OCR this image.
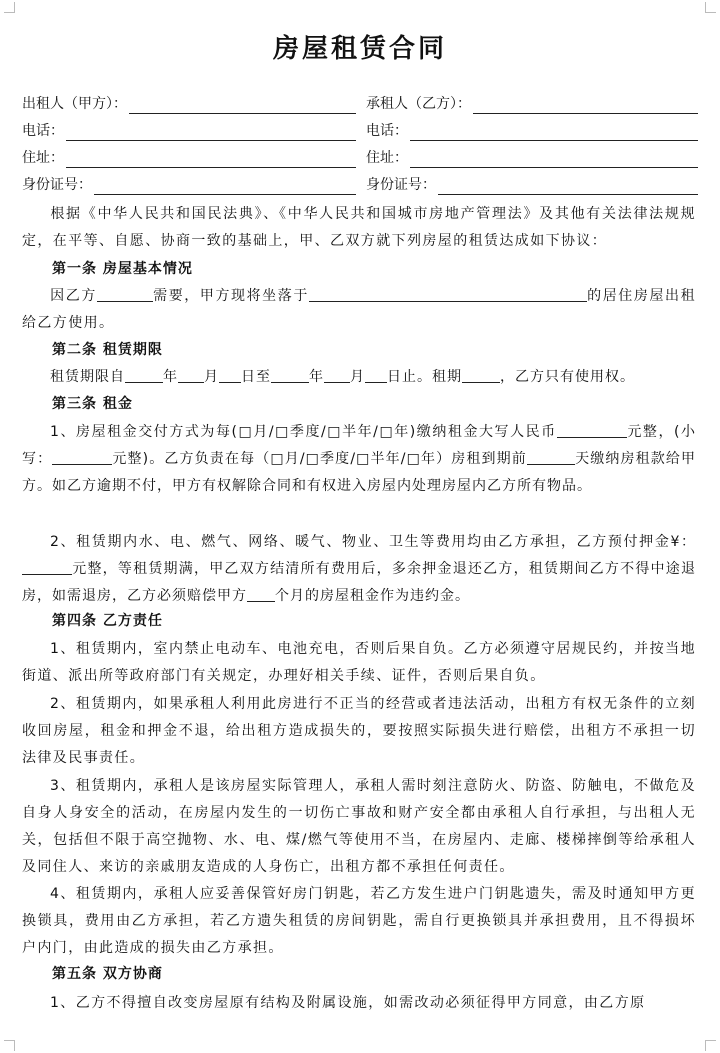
房屋租赁合同
出租人（甲方）：	承租人（乙方）：
电话：	电话：
住址：	住址：
身份证号：	身份证号：
根据《中华人民共和国民法典》、《中华人民共和国城市房地产管理法》及其他有关法律法规规定，在平等、自愿、协商一致的基础上，甲、乙双方就下列房屋的租赁达成如下协议：
第一条 房屋基本情况
因乙方	需要，甲方现将坐落于	的居住房屋出租给乙方使用。
第二条 租赁期限
租赁期限自	年 月 日至	年 月 日止。租期	，乙方只有使用权。
第三条 租金
1、房屋租金交付方式为每(□月/□季度/□半年/□年)缴纳租金大写人民币	元整，(小写：	元整)。乙方负责在每（□月/□季度/□半年/□年）房租到期前	天缴纳房租款给甲方。如乙方逾期不付，甲方有权解除合同和有权进入房屋内处理房屋内乙方所有物品。
2、租赁期内水、电、燃气、网络、暖气、物业、卫生等费用均由乙方承担，乙方预付押金¥：元整，等租赁期满，甲乙双方结清所有费用后，多余押金退还乙方，租赁期间乙方不得中途退房，如需退房，乙方必须赔偿甲方 个月的房屋租金作为违约金。
第四条 乙方责任
1、租赁期内，室内禁止电动车、电池充电，否则后果自负。乙方必须遵守居规民约，并按当地街道、派出所等政府部门有关规定，办理好相关手续、证件，否则后果自负。
2、租赁期内，如果承租人利用此房进行不正当的经营或者违法活动，出租方有权无条件的立刻收回房屋，租金和押金不退，给出租方造成损失的，要按照实际损失进行赔偿，出租方不承担一切法律及民事责任。
3、租赁期内，承租人是该房屋实际管理人，承租人需时刻注意防火、防盗、防触电，不做危及自身人身安全的活动，在房屋内发生的一切伤亡事故和财产安全都由承租人自行承担，与出租人无关，包括但不限于高空抛物、水、电、煤/燃气等使用不当，在房屋内、走廊、楼梯摔倒等给承租人及同住人、来访的亲戚朋友造成的人身伤亡，出租方都不承担任何责任。
4、租赁期内，承租人应妥善保管好房门钥匙，若乙方发生进户门钥匙遗失，需及时通知甲方更换锁具，费用由乙方承担，若乙方遗失租赁的房间钥匙，需自行更换锁具并承担费用，且不得损坏户内门，由此造成的损失由乙方承担。
第五条 双方协商
1、乙方不得擅自改变房屋原有结构及附属设施，如需改动必须征得甲方同意，由乙方原
